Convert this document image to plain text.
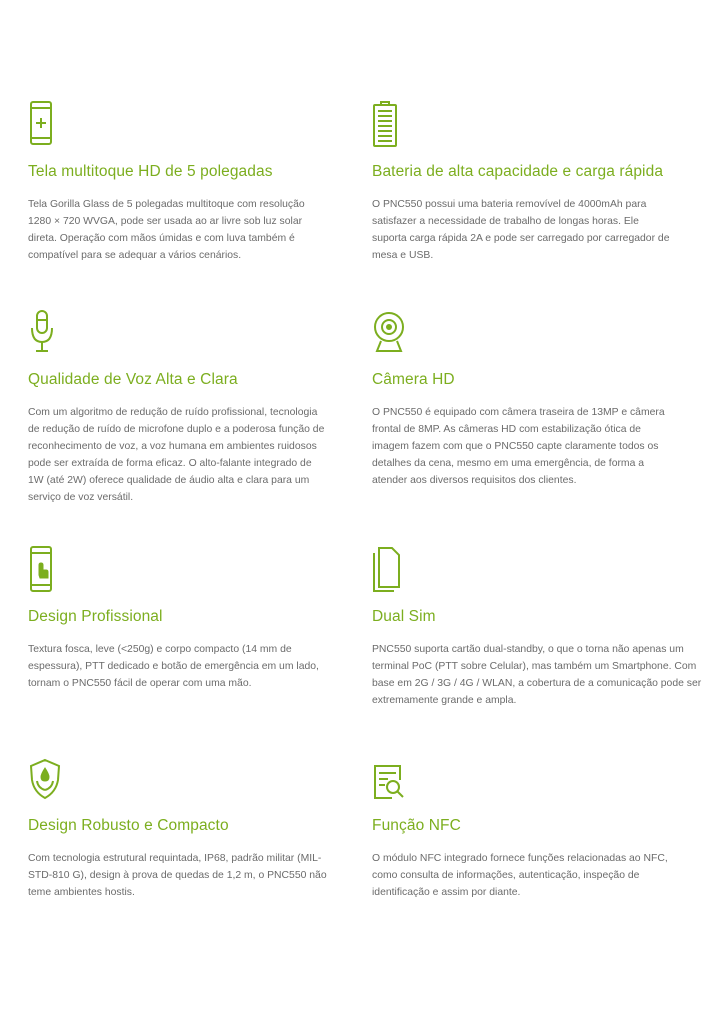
Tela multitoque HD de 5 polegadas

Tela Gorilla Glass de 5 polegadas multitoque com resolução 1280 × 720 WVGA, pode ser usada ao ar livre sob luz solar direta. Operação com mãos úmidas e com luva também é compatível para se adequar a vários cenários.

Bateria de alta capacidade e carga rápida

O PNC550 possui uma bateria removível de 4000mAh para satisfazer a necessidade de trabalho de longas horas. Ele suporta carga rápida 2A e pode ser carregado por carregador de mesa e USB.

Qualidade de Voz Alta e Clara

Com um algoritmo de redução de ruído profissional, tecnologia de redução de ruído de microfone duplo e a poderosa função de reconhecimento de voz, a voz humana em ambientes ruidosos pode ser extraída de forma eficaz. O alto-falante integrado de 1W (até 2W) oferece qualidade de áudio alta e clara para um serviço de voz versátil.

Câmera HD

O PNC550 é equipado com câmera traseira de 13MP e câmera frontal de 8MP. As câmeras HD com estabilização ótica de imagem fazem com que o PNC550 capte claramente todos os detalhes da cena, mesmo em uma emergência, de forma a atender aos diversos requisitos dos clientes.

Design Profissional

Textura fosca, leve (<250g) e corpo compacto (14 mm de espessura), PTT dedicado e botão de emergência em um lado, tornam o PNC550 fácil de operar com uma mão.

Dual Sim

PNC550 suporta cartão dual-standby, o que o torna não apenas um terminal PoC (PTT sobre Celular), mas também um Smartphone. Com base em 2G / 3G / 4G / WLAN, a cobertura de a comunicação pode ser extremamente grande e ampla.

Design Robusto e Compacto

Com tecnologia estrutural requintada, IP68, padrão militar (MIL-STD-810 G), design à prova de quedas de 1,2 m, o PNC550 não teme ambientes hostis.

Função NFC

O módulo NFC integrado fornece funções relacionadas ao NFC, como consulta de informações, autenticação, inspeção de identificação e assim por diante.
